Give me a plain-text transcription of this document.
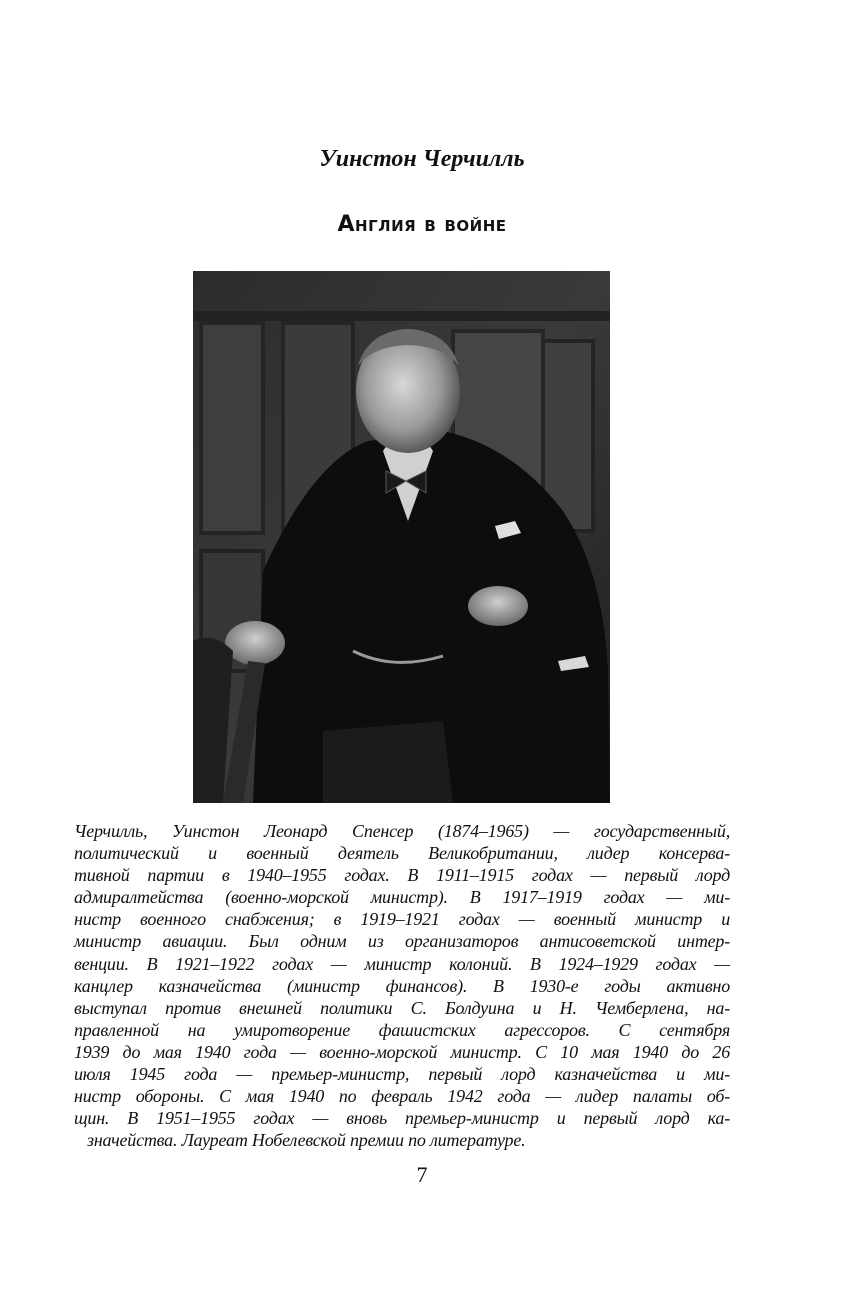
Уинстон Черчилль
Англия в войне
Черчилль, Уинстон Леонард Спенсер (1874–1965) — государственный,
политический и военный деятель Великобритании, лидер консерва-
тивной партии в 1940–1955 годах. В 1911–1915 годах — первый лорд
адмиралтейства (военно-морской министр). В 1917–1919 годах — ми-
нистр военного снабжения; в 1919–1921 годах — военный министр и
министр авиации. Был одним из организаторов антисоветской интер-
венции. В 1921–1922 годах — министр колоний. В 1924–1929 годах —
канцлер казначейства (министр финансов). В 1930-е годы активно
выступал против внешней политики С. Болдуина и Н. Чемберлена, на-
правленной на умиротворение фашистских агрессоров. С сентября
1939 до мая 1940 года — военно-морской министр. С 10 мая 1940 до 26
июля 1945 года — премьер-министр, первый лорд казначейства и ми-
нистр обороны. С мая 1940 по февраль 1942 года — лидер палаты об-
щин. В 1951–1955 годах — вновь премьер-министр и первый лорд ка-
значейства. Лауреат Нобелевской премии по литературе.
7
